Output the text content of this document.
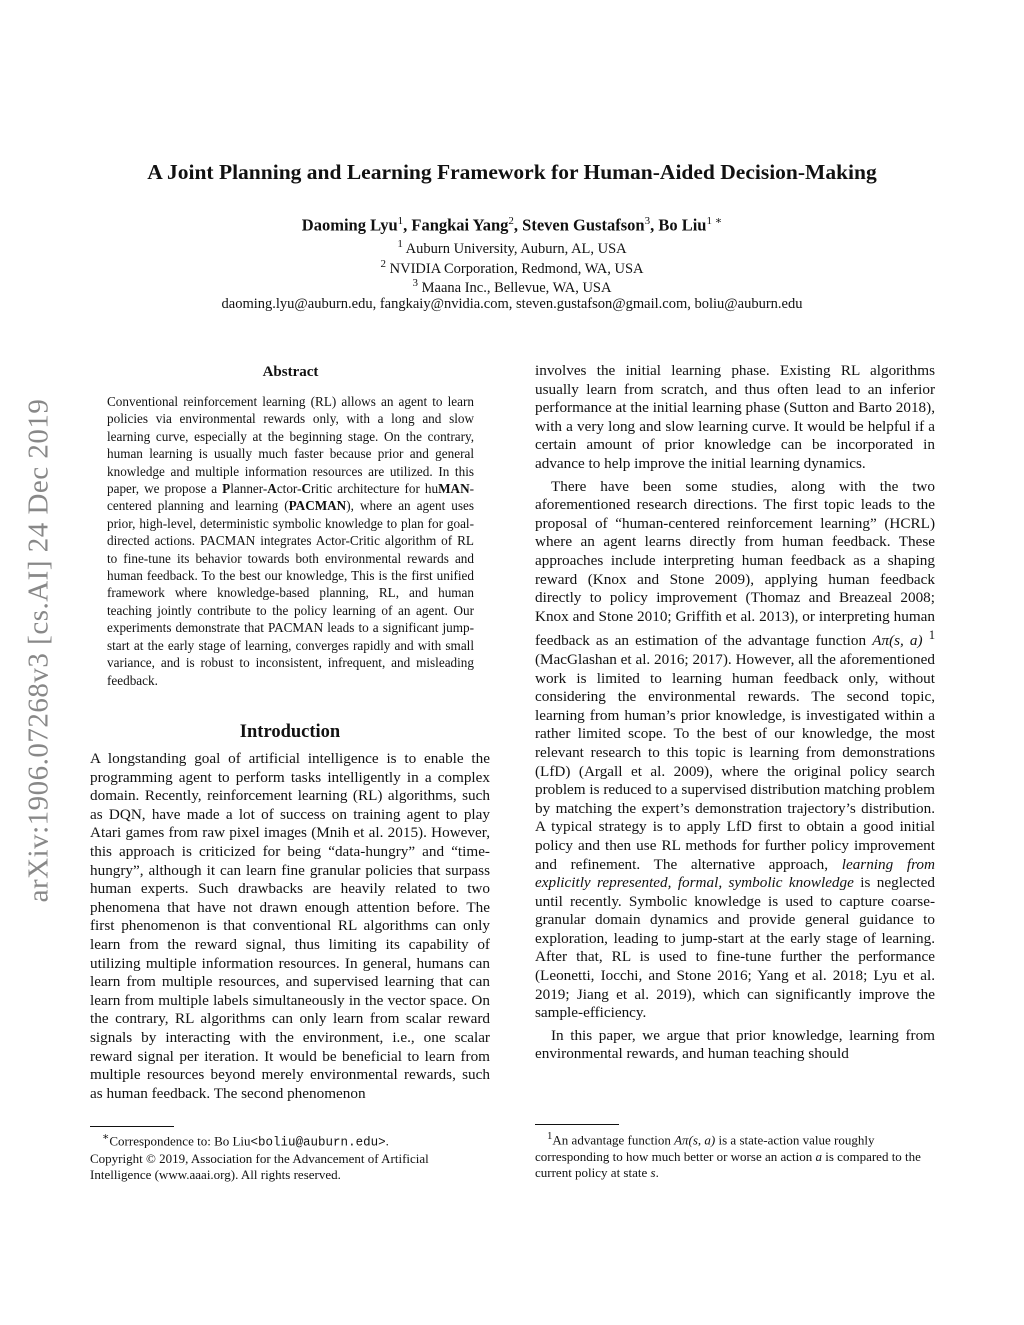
arXiv:1906.07268v3 [cs.AI] 24 Dec 2019
A Joint Planning and Learning Framework for Human-Aided Decision-Making
Daoming Lyu$^1$, Fangkai Yang$^2$, Steven Gustafson$^3$, Bo Liu$^{1 ∗}$
$^1$ Auburn University, Auburn, AL, USA
$^2$ NVIDIA Corporation, Redmond, WA, USA
$^3$ Maana Inc., Bellevue, WA, USA
daoming.lyu@auburn.edu, fangkaiy@nvidia.com, steven.gustafson@gmail.com, boliu@auburn.edu
Abstract

Conventional reinforcement learning (RL) allows an agent to learn policies via environmental rewards only, with a long and slow learning curve, especially at the beginning stage. On the contrary, human learning is usually much faster because prior and general knowledge and multiple information resources are utilized. In this paper, we propose a Planner-Actor-Critic architecture for huMAN-centered planning and learning (PACMAN), where an agent uses prior, high-level, deterministic symbolic knowledge to plan for goal-directed actions. PACMAN integrates Actor-Critic algorithm of RL to fine-tune its behavior towards both environmental rewards and human feedback. To the best our knowledge, This is the first unified framework where knowledge-based planning, RL, and human teaching jointly contribute to the policy learning of an agent. Our experiments demonstrate that PACMAN leads to a significant jump-start at the early stage of learning, converges rapidly and with small variance, and is robust to inconsistent, infrequent, and misleading feedback.

Introduction

A longstanding goal of artificial intelligence is to enable the programming agent to perform tasks intelligently in a complex domain. Recently, reinforcement learning (RL) algorithms, such as DQN, have made a lot of success on training agent to play Atari games from raw pixel images (Mnih et al. 2015). However, this approach is criticized for being “data-hungry” and “time-hungry”, although it can learn fine granular policies that surpass human experts. Such drawbacks are heavily related to two phenomena that have not drawn enough attention before. The first phenomenon is that conventional RL algorithms can only learn from the reward signal, thus limiting its capability of utilizing multiple information resources. In general, humans can learn from multiple resources, and supervised learning that can learn from multiple labels simultaneously in the vector space. On the contrary, RL algorithms can only learn from scalar reward signals by interacting with the environment, i.e., one scalar reward signal per iteration. It would be beneficial to learn from multiple resources beyond merely environmental rewards, such as human feedback. The second phenomenon

∗Correspondence to: Bo Liu<boliu@auburn.edu>.

Copyright © 2019, Association for the Advancement of Artificial Intelligence (www.aaai.org). All rights reserved.

involves the initial learning phase. Existing RL algorithms usually learn from scratch, and thus often lead to an inferior performance at the initial learning phase (Sutton and Barto 2018), with a very long and slow learning curve. It would be helpful if a certain amount of prior knowledge can be incorporated in advance to help improve the initial learning dynamics.

There have been some studies, along with the two aforementioned research directions. The first topic leads to the proposal of “human-centered reinforcement learning” (HCRL) where an agent learns directly from human feedback. These approaches include interpreting human feedback as a shaping reward (Knox and Stone 2009), applying human feedback directly to policy improvement (Thomaz and Breazeal 2008; Knox and Stone 2010; Griffith et al. 2013), or interpreting human feedback as an estimation of the advantage function Aπ(s, a) $^1$ (MacGlashan et al. 2016; 2017). However, all the aforementioned work is limited to learning human feedback only, without considering the environmental rewards. The second topic, learning from human’s prior knowledge, is investigated within a rather limited scope. To the best of our knowledge, the most relevant research to this topic is learning from demonstrations (LfD) (Argall et al. 2009), where the original policy search problem is reduced to a supervised distribution matching problem by matching the expert’s demonstration trajectory’s distribution. A typical strategy is to apply LfD first to obtain a good initial policy and then use RL methods for further policy improvement and refinement. The alternative approach, learning from explicitly represented, formal, symbolic knowledge is neglected until recently. Symbolic knowledge is used to capture coarse-granular domain dynamics and provide general guidance to exploration, leading to jump-start at the early stage of learning. After that, RL is used to fine-tune further the performance (Leonetti, Iocchi, and Stone 2016; Yang et al. 2018; Lyu et al. 2019; Jiang et al. 2019), which can significantly improve the sample-efficiency.

In this paper, we argue that prior knowledge, learning from environmental rewards, and human teaching should

$^1$An advantage function Aπ(s, a) is a state-action value roughly corresponding to how much better or worse an action a is compared to the current policy at state s.
